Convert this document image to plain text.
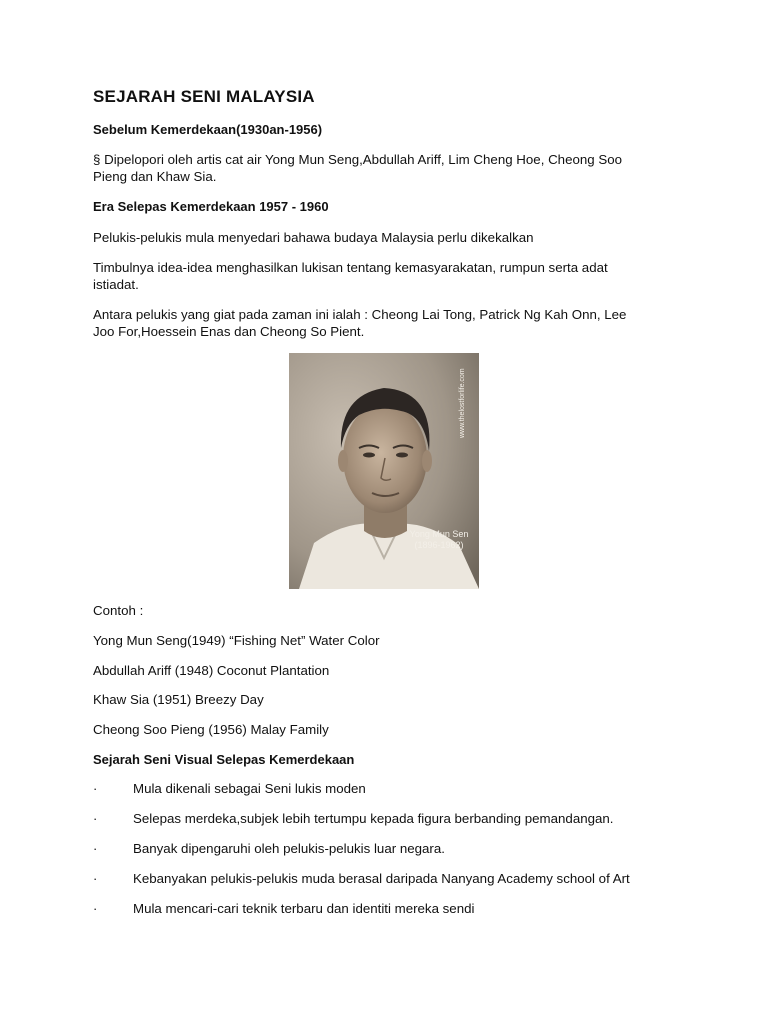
SEJARAH SENI MALAYSIA

Sebelum Kemerdekaan(1930an-1956)

§ Dipelopori oleh artis cat air Yong Mun Seng,Abdullah Ariff, Lim Cheng Hoe, Cheong Soo
Pieng dan Khaw Sia.

Era Selepas Kemerdekaan 1957 - 1960

Pelukis-pelukis mula menyedari bahawa budaya Malaysia perlu dikekalkan

Timbulnya idea-idea menghasilkan lukisan tentang kemasyarakatan, rumpun serta adat
istiadat.

Antara pelukis yang giat pada zaman ini ialah : Cheong Lai Tong, Patrick Ng Kah Onn, Lee
Joo For,Hoessein Enas dan Cheong So Pient.

www.thelostforlife.com
Yong Mun Sen
(1896-1962)

Contoh :

Yong Mun Seng(1949) “Fishing Net” Water Color

Abdullah Ariff (1948) Coconut Plantation

Khaw Sia (1951) Breezy Day

Cheong Soo Pieng (1956) Malay Family

Sejarah Seni Visual Selepas Kemerdekaan

·	Mula dikenali sebagai Seni lukis moden
·	Selepas merdeka,subjek lebih tertumpu kepada figura berbanding pemandangan.
·	Banyak dipengaruhi oleh pelukis-pelukis luar negara.
·	Kebanyakan pelukis-pelukis muda berasal daripada Nanyang Academy school of Art
·	Mula mencari-cari teknik terbaru dan identiti mereka sendi
